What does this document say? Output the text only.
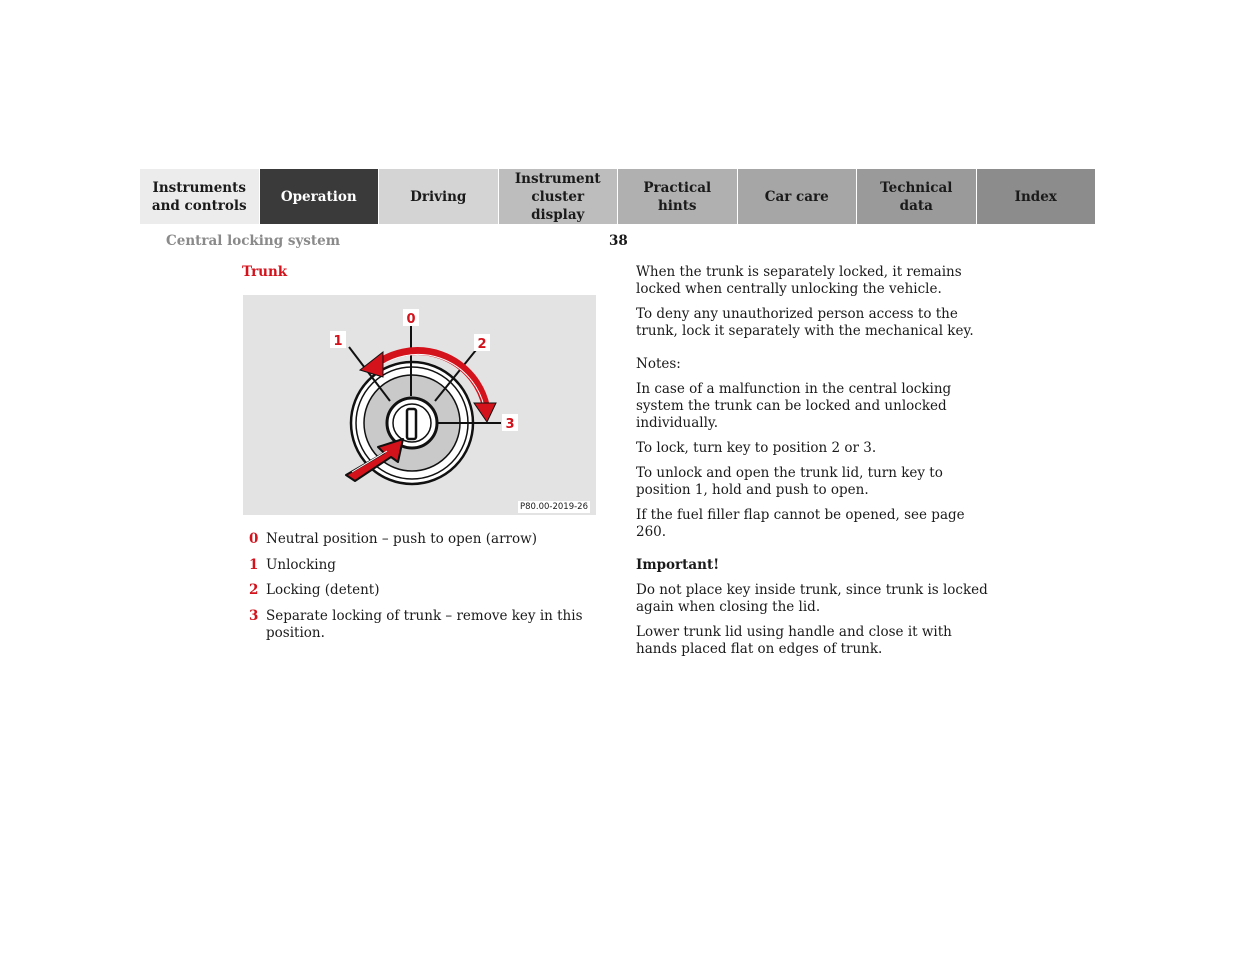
Instruments
and controls
Operation	Driving
Instrument
cluster display
Practical hints
Car care
Technical
data
Index
Central locking system	38
Trunk
0
1	2
3
P80.00-2019-26
0 Neutral position – push to open (arrow)
1 Unlocking
2 Locking (detent)
3 Separate locking of trunk – remove key in this position.

When the trunk is separately locked, it remains locked when centrally unlocking the vehicle.

To deny any unauthorized person access to the trunk, lock it separately with the mechanical key.

Notes:

In case of a malfunction in the central locking system the trunk can be locked and unlocked individually.

To lock, turn key to position 2 or 3.

To unlock and open the trunk lid, turn key to position 1, hold and push to open.

If the fuel filler flap cannot be opened, see page 260.

Important!

Do not place key inside trunk, since trunk is locked again when closing the lid.

Lower trunk lid using handle and close it with hands placed flat on edges of trunk.
